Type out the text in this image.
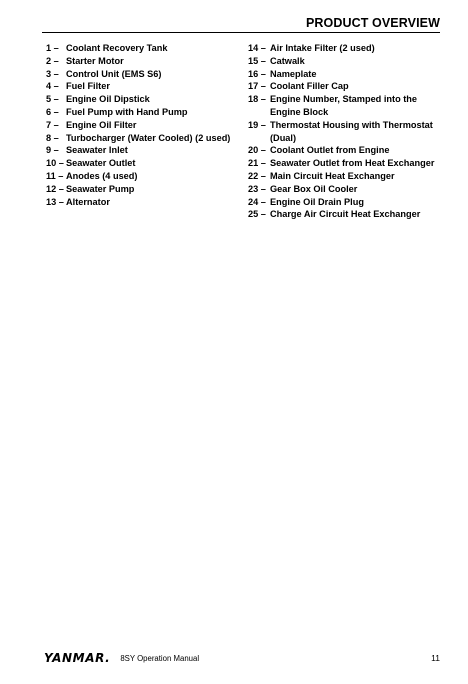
PRODUCT OVERVIEW
1 – Coolant Recovery Tank
2 – Starter Motor
3 – Control Unit (EMS S6)
4 – Fuel Filter
5 – Engine Oil Dipstick
6 – Fuel Pump with Hand Pump
7 – Engine Oil Filter
8 – Turbocharger (Water Cooled) (2 used)
9 – Seawater Inlet
10 – Seawater Outlet
11 – Anodes (4 used)
12 – Seawater Pump
13 – Alternator
14 – Air Intake Filter (2 used)
15 – Catwalk
16 – Nameplate
17 – Coolant Filler Cap
18 – Engine Number, Stamped into the Engine Block
19 – Thermostat Housing with Thermostat (Dual)
20 – Coolant Outlet from Engine
21 – Seawater Outlet from Heat Exchanger
22 – Main Circuit Heat Exchanger
23 – Gear Box Oil Cooler
24 – Engine Oil Drain Plug
25 – Charge Air Circuit Heat Exchanger
YANMAR. 8SY Operation Manual	11
